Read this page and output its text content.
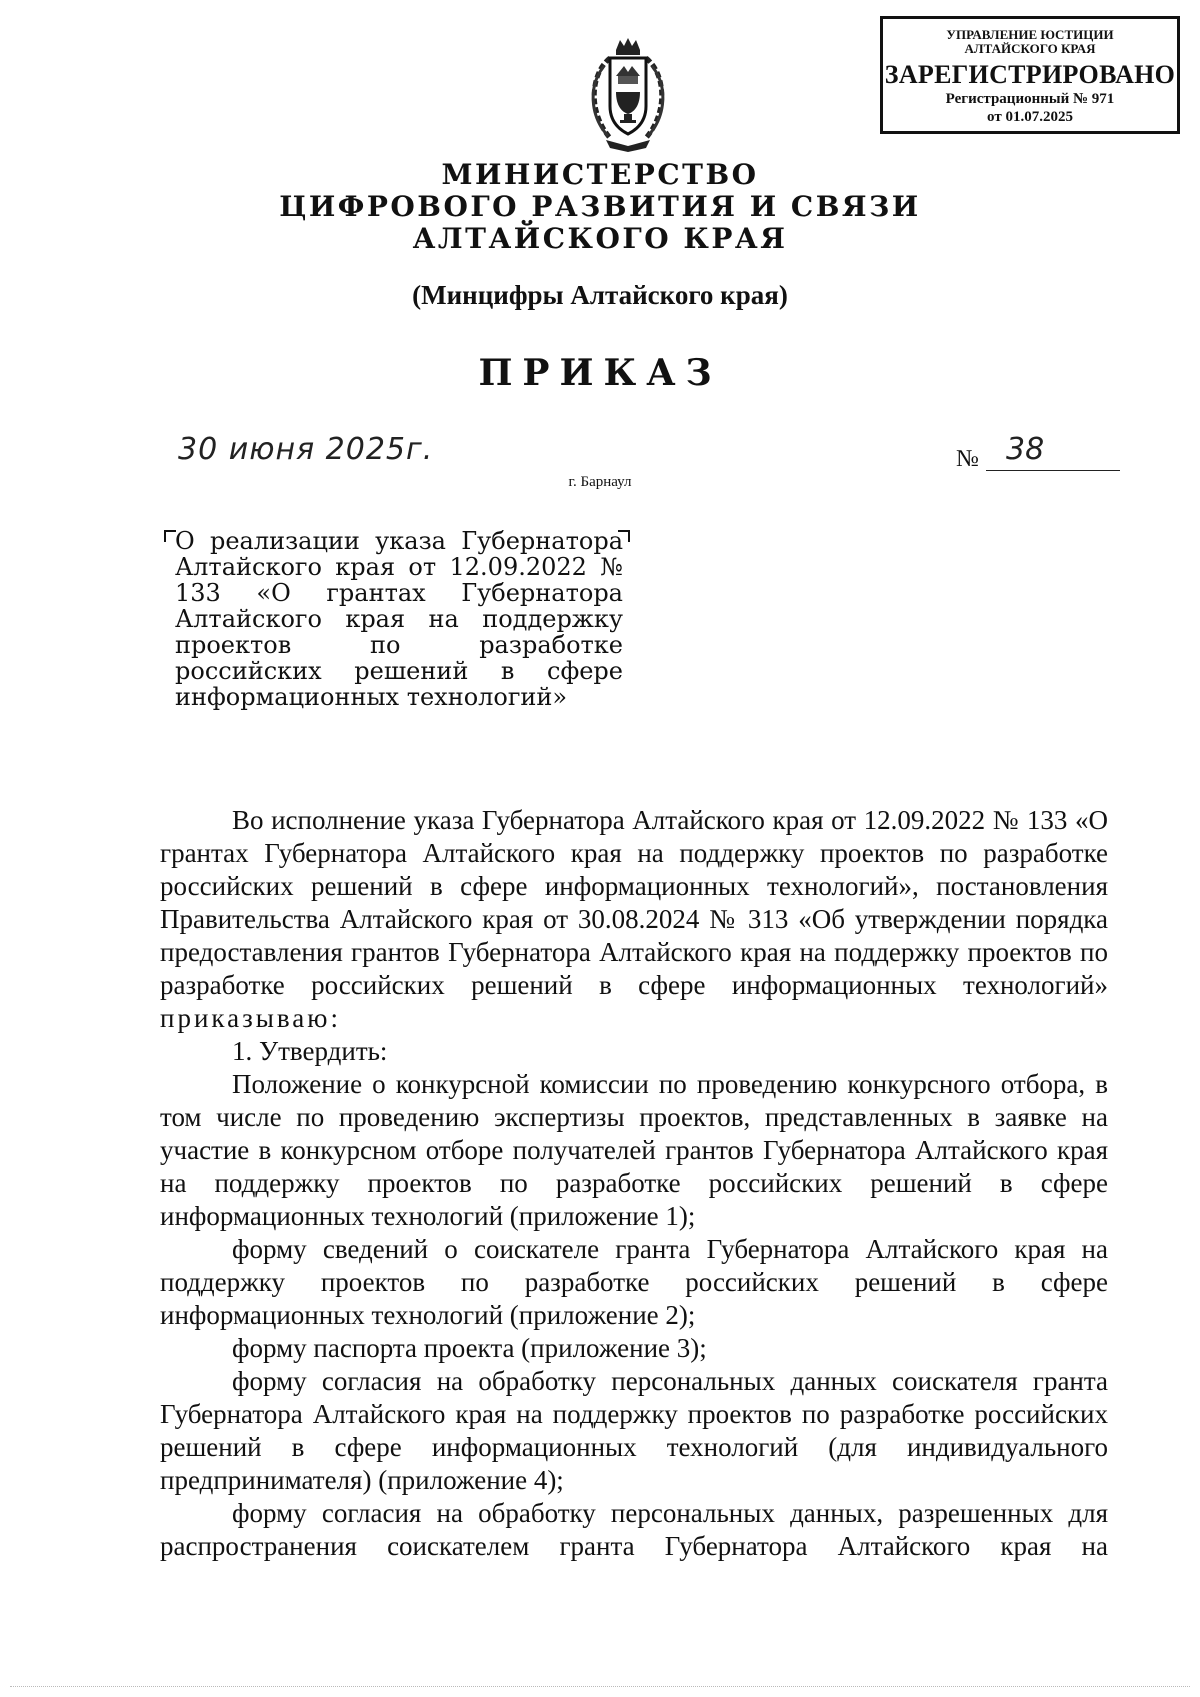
УПРАВЛЕНИЕ ЮСТИЦИИ
АЛТАЙСКОГО КРАЯ
ЗАРЕГИСТРИРОВАНО
Регистрационный № 971
от 01.07.2025
МИНИСТЕРСТВО
ЦИФРОВОГО РАЗВИТИЯ И СВЯЗИ
АЛТАЙСКОГО КРАЯ
(Минцифры Алтайского края)
ПРИКАЗ
30 июня 2025г.	№ 38
г. Барнаул
О реализации указа Губернатора Алтайского края от 12.09.2022 № 133 «О грантах Губернатора Алтайского края на поддержку проектов по разработке российских решений в сфере информационных технологий»

Во исполнение указа Губернатора Алтайского края от 12.09.2022 № 133 «О грантах Губернатора Алтайского края на поддержку проектов по разработке российских решений в сфере информационных технологий», постановления Правительства Алтайского края от 30.08.2024 № 313 «Об утверждении порядка предоставления грантов Губернатора Алтайского края на поддержку проектов по разработке российских решений в сфере информационных технологий» приказываю:

1. Утвердить:

Положение о конкурсной комиссии по проведению конкурсного отбора, в том числе по проведению экспертизы проектов, представленных в заявке на участие в конкурсном отборе получателей грантов Губернатора Алтайского края на поддержку проектов по разработке российских решений в сфере информационных технологий (приложение 1);

форму сведений о соискателе гранта Губернатора Алтайского края на поддержку проектов по разработке российских решений в сфере информационных технологий (приложение 2);

форму паспорта проекта (приложение 3);

форму согласия на обработку персональных данных соискателя гранта Губернатора Алтайского края на поддержку проектов по разработке российских решений в сфере информационных технологий (для индивидуального предпринимателя) (приложение 4);

форму согласия на обработку персональных данных, разрешенных для распространения соискателем гранта Губернатора Алтайского края на
